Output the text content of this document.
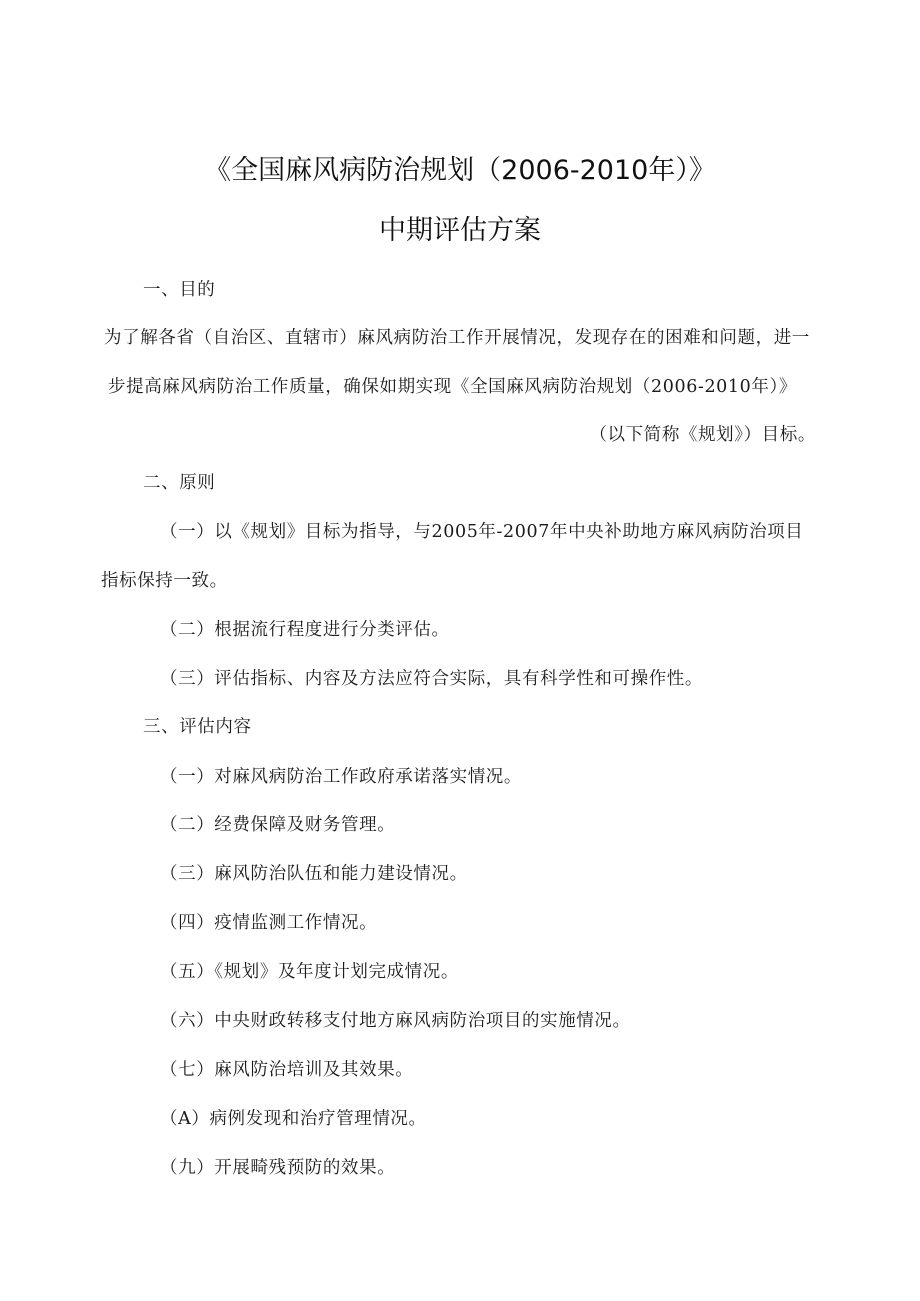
《全国麻风病防治规划（2006-2010年）》
中期评估方案
一、目的
为了解各省（自治区、直辖市）麻风病防治工作开展情况，发现存在的困难和问题，进一
步提高麻风病防治工作质量，确保如期实现《全国麻风病防治规划（2006-2010年）》
（以下简称《规划》）目标。
二、原则
（一）以《规划》目标为指导，与2005年-2007年中央补助地方麻风病防治项目
指标保持一致。
（二）根据流行程度进行分类评估。
（三）评估指标、内容及方法应符合实际，具有科学性和可操作性。
三、评估内容
（一）对麻风病防治工作政府承诺落实情况。
（二）经费保障及财务管理。
（三）麻风防治队伍和能力建设情况。
（四）疫情监测工作情况。
（五）《规划》及年度计划完成情况。
（六）中央财政转移支付地方麻风病防治项目的实施情况。
（七）麻风防治培训及其效果。
（A）病例发现和治疗管理情况。
（九）开展畸残预防的效果。
